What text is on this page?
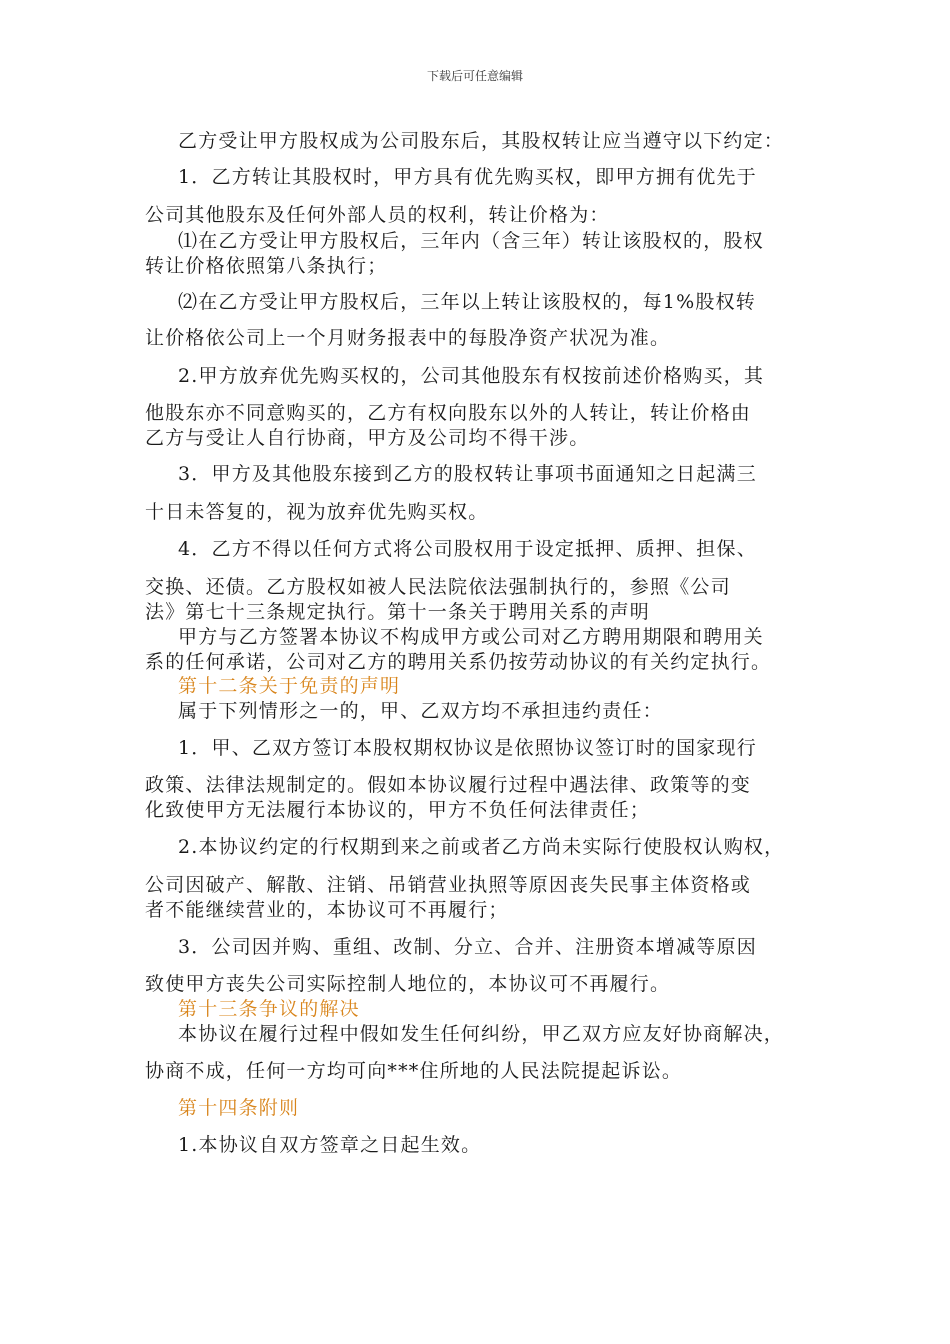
下载后可任意编辑
乙方受让甲方股权成为公司股东后，其股权转让应当遵守以下约定：
1．乙方转让其股权时，甲方具有优先购买权，即甲方拥有优先于
公司其他股东及任何外部人员的权利，转让价格为：
⑴在乙方受让甲方股权后，三年内（含三年）转让该股权的，股权
转让价格依照第八条执行；
⑵在乙方受让甲方股权后，三年以上转让该股权的，每1%股权转
让价格依公司上一个月财务报表中的每股净资产状况为准。
2.甲方放弃优先购买权的，公司其他股东有权按前述价格购买，其
他股东亦不同意购买的，乙方有权向股东以外的人转让，转让价格由
乙方与受让人自行协商，甲方及公司均不得干涉。
3．甲方及其他股东接到乙方的股权转让事项书面通知之日起满三
十日未答复的，视为放弃优先购买权。
4．乙方不得以任何方式将公司股权用于设定抵押、质押、担保、
交换、还债。乙方股权如被人民法院依法强制执行的，参照《公司
法》第七十三条规定执行。第十一条关于聘用关系的声明
甲方与乙方签署本协议不构成甲方或公司对乙方聘用期限和聘用关
系的任何承诺，公司对乙方的聘用关系仍按劳动协议的有关约定执行。
第十二条关于免责的声明
属于下列情形之一的，甲、乙双方均不承担违约责任：
1．甲、乙双方签订本股权期权协议是依照协议签订时的国家现行
政策、法律法规制定的。假如本协议履行过程中遇法律、政策等的变
化致使甲方无法履行本协议的，甲方不负任何法律责任；
2.本协议约定的行权期到来之前或者乙方尚未实际行使股权认购权，
公司因破产、解散、注销、吊销营业执照等原因丧失民事主体资格或
者不能继续营业的，本协议可不再履行；
3．公司因并购、重组、改制、分立、合并、注册资本增减等原因
致使甲方丧失公司实际控制人地位的，本协议可不再履行。
第十三条争议的解决
本协议在履行过程中假如发生任何纠纷，甲乙双方应友好协商解决，
协商不成，任何一方均可向***住所地的人民法院提起诉讼。
第十四条附则
1.本协议自双方签章之日起生效。
